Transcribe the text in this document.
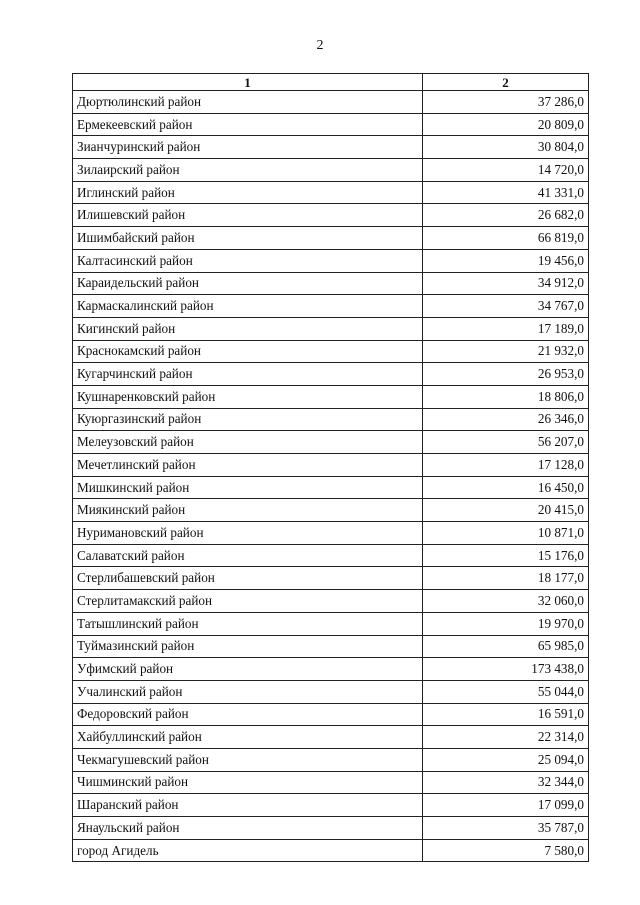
2
1	2
Дюртюлинский район	37 286,0
Ермекеевский район	20 809,0
Зианчуринский район	30 804,0
Зилаирский район	14 720,0
Иглинский район	41 331,0
Илишевский район	26 682,0
Ишимбайский район	66 819,0
Калтасинский район	19 456,0
Караидельский район	34 912,0
Кармаскалинский район	34 767,0
Кигинский район	17 189,0
Краснокамский район	21 932,0
Кугарчинский район	26 953,0
Кушнаренковский район	18 806,0
Куюргазинский район	26 346,0
Мелеузовский район	56 207,0
Мечетлинский район	17 128,0
Мишкинский район	16 450,0
Миякинский район	20 415,0
Нуримановский район	10 871,0
Салаватский район	15 176,0
Стерлибашевский район	18 177,0
Стерлитамакский район	32 060,0
Татышлинский район	19 970,0
Туймазинский район	65 985,0
Уфимский район	173 438,0
Учалинский район	55 044,0
Федоровский район	16 591,0
Хайбуллинский район	22 314,0
Чекмагушевский район	25 094,0
Чишминский район	32 344,0
Шаранский район	17 099,0
Янаульский район	35 787,0
город Агидель	7 580,0
